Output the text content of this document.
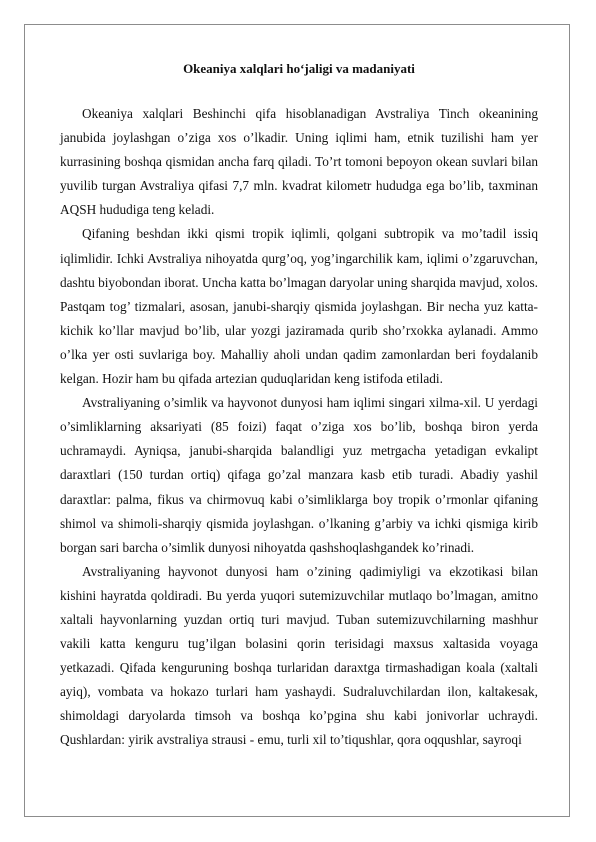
Okeaniya xalqlari ho‘jaligi va madaniyati

Okeaniya xalqlari Beshinchi qifa hisoblanadigan Avstraliya Tinch okeanining janubida joylashgan o’ziga xos o’lkadir. Uning iqlimi ham, etnik tuzilishi ham yer kurrasining boshqa qismidan ancha farq qiladi. To’rt tomoni bepoyon okean suvlari bilan yuvilib turgan Avstraliya qifasi 7,7 mln. kvadrat kilometr hududga ega bo’lib, taxminan AQSH hududiga teng keladi.

Qifaning beshdan ikki qismi tropik iqlimli, qolgani subtropik va mo’tadil issiq iqlimlidir. Ichki Avstraliya nihoyatda qurg’oq, yog’ingarchilik kam, iqlimi o’zgaruvchan, dashtu biyobondan iborat. Uncha katta bo’lmagan daryolar uning sharqida mavjud, xolos. Pastqam tog’ tizmalari, asosan, janubi-sharqiy qismida joylashgan. Bir necha yuz katta-kichik ko’llar mavjud bo’lib, ular yozgi jaziramada qurib sho’rxokka aylanadi. Ammo o’lka yer osti suvlariga boy. Mahalliy aholi undan qadim zamonlardan beri foydalanib kelgan. Hozir ham bu qifada artezian quduqlaridan keng istifoda etiladi.

Avstraliyaning o’simlik va hayvonot dunyosi ham iqlimi singari xilma-xil. U yerdagi o’simliklarning aksariyati (85 foizi) faqat o’ziga xos bo’lib, boshqa biron yerda uchramaydi. Ayniqsa, janubi-sharqida balandligi yuz metrgacha yetadigan evkalipt daraxtlari (150 turdan ortiq) qifaga go’zal manzara kasb etib turadi. Abadiy yashil daraxtlar: palma, fikus va chirmovuq kabi o’simliklarga boy tropik o’rmonlar qifaning shimol va shimoli-sharqiy qismida joylashgan. o’lkaning g’arbiy va ichki qismiga kirib borgan sari barcha o’simlik dunyosi nihoyatda qashshoqlashgandek ko’rinadi.

Avstraliyaning hayvonot dunyosi ham o’zining qadimiyligi va ekzotikasi bilan kishini hayratda qoldiradi. Bu yerda yuqori sutemizuvchilar mutlaqo bo’lmagan, amitno xaltali hayvonlarning yuzdan ortiq turi mavjud. Tuban sutemizuvchilarning mashhur vakili katta kenguru tug’ilgan bolasini qorin terisidagi maxsus xaltasida voyaga yetkazadi. Qifada kenguruning boshqa turlaridan daraxtga tirmashadigan koala (xaltali ayiq), vombata va hokazo turlari ham yashaydi. Sudraluvchilardan ilon, kaltakesak, shimoldagi daryolarda timsoh va boshqa ko’pgina shu kabi jonivorlar uchraydi. Qushlardan: yirik avstraliya strausi - emu, turli xil to’tiqushlar, qora oqqushlar, sayroqi
